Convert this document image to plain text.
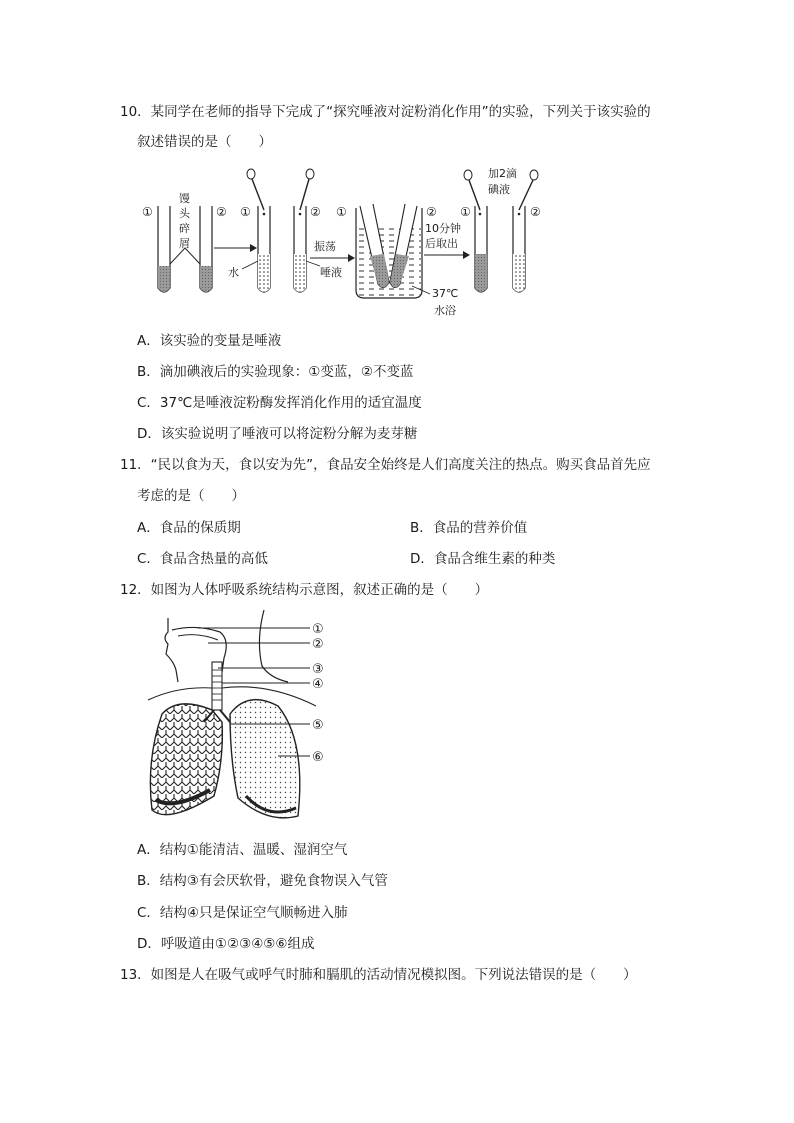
10．某同学在老师的指导下完成了“探究唾液对淀粉消化作用”的实验，下列关于该实验的
叙述错误的是（　　）
①	②
馒
头
碎
屑
①	②
水	唾液
振荡
①	②
37℃
水浴
10分钟
后取出
加2滴
碘液
①	②
A．该实验的变量是唾液
B．滴加碘液后的实验现象：①变蓝，②不变蓝
C．37℃是唾液淀粉酶发挥消化作用的适宜温度
D．该实验说明了唾液可以将淀粉分解为麦芽糖
11．“民以食为天，食以安为先”，食品安全始终是人们高度关注的热点。购买食品首先应
考虑的是（　　）
A．食品的保质期	B．食品的营养价值
C．食品含热量的高低	D．食品含维生素的种类
12．如图为人体呼吸系统结构示意图，叙述正确的是（　　）
①
②
③
④
⑤
⑥
A．结构①能清洁、温暖、湿润空气
B．结构③有会厌软骨，避免食物误入气管
C．结构④只是保证空气顺畅进入肺
D．呼吸道由①②③④⑤⑥组成
13．如图是人在吸气或呼气时肺和膈肌的活动情况模拟图。下列说法错误的是（　　）
